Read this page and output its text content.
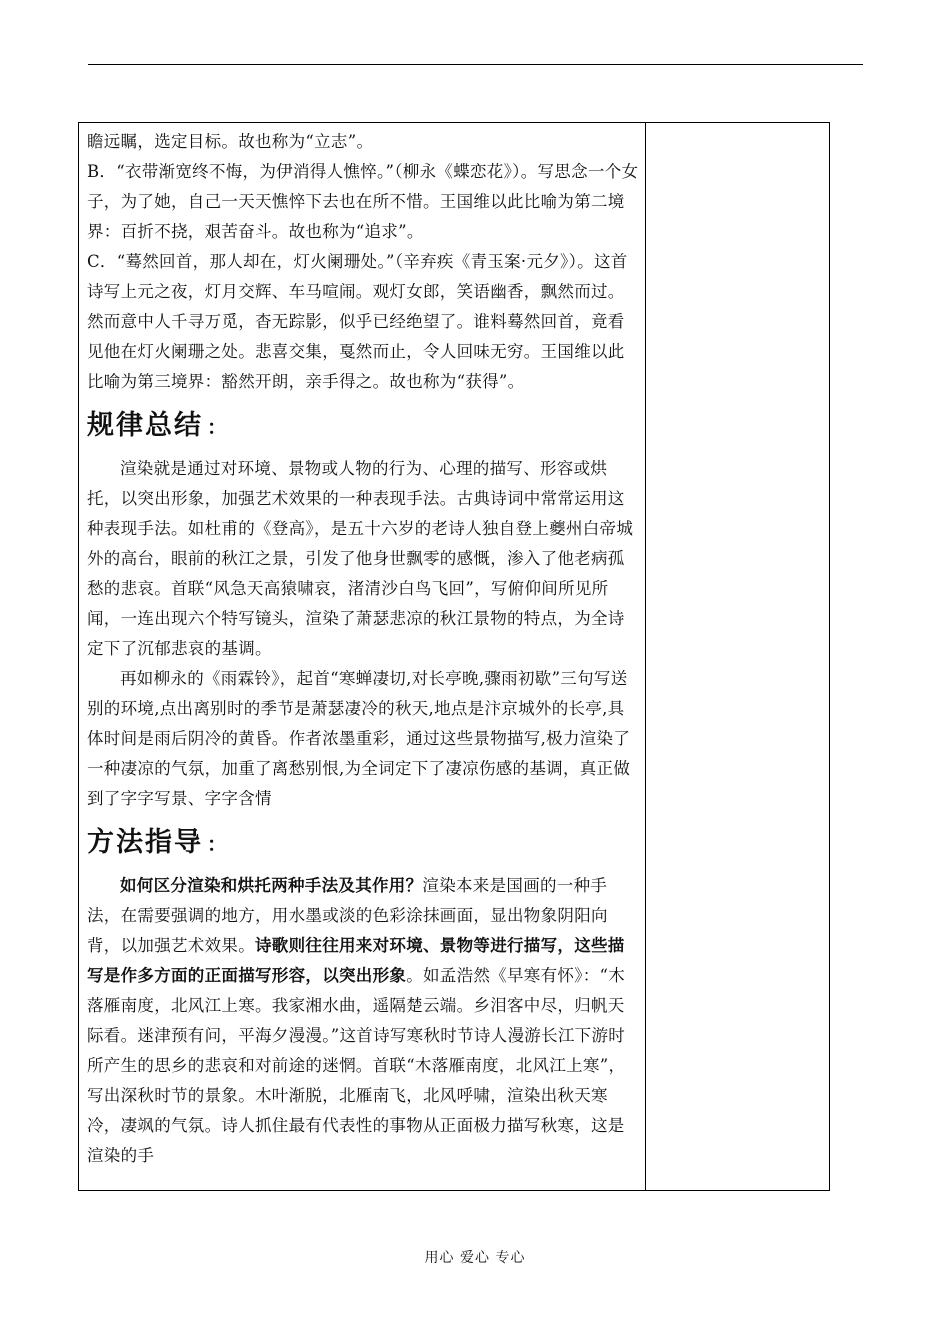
瞻远瞩，选定目标。故也称为“立志”。

B．“衣带渐宽终不悔，为伊消得人憔悴。”（柳永《蝶恋花》）。写思念一个女子，为了她，自己一天天憔悴下去也在所不惜。王国维以此比喻为第二境界：百折不挠，艰苦奋斗。故也称为“追求”。

C．“蓦然回首，那人却在，灯火阑珊处。”（辛弃疾《青玉案·元夕》）。这首诗写上元之夜，灯月交辉、车马喧闹。观灯女郎，笑语幽香，飘然而过。然而意中人千寻万觅，杳无踪影，似乎已经绝望了。谁料蓦然回首，竟看见他在灯火阑珊之处。悲喜交集，戛然而止，令人回味无穷。王国维以此比喻为第三境界：豁然开朗，亲手得之。故也称为“获得”。

规律总结 ：

渲染就是通过对环境、景物或人物的行为、心理的描写、形容或烘托，以突出形象，加强艺术效果的一种表现手法。古典诗词中常常运用这种表现手法。如杜甫的《登高》，是五十六岁的老诗人独自登上夔州白帝城外的高台，眼前的秋江之景，引发了他身世飘零的感慨，渗入了他老病孤愁的悲哀。首联“风急天高猿啸哀，渚清沙白鸟飞回”，写俯仰间所见所闻，一连出现六个特写镜头，渲染了萧瑟悲凉的秋江景物的特点，为全诗定下了沉郁悲哀的基调。

再如柳永的《雨霖铃》，起首“寒蝉凄切,对长亭晚,骤雨初歇”三句写送别的环境,点出离别时的季节是萧瑟凄冷的秋天,地点是汴京城外的长亭,具体时间是雨后阴冷的黄昏。作者浓墨重彩，通过这些景物描写,极力渲染了一种凄凉的气氛，加重了离愁别恨,为全词定下了凄凉伤感的基调，真正做到了字字写景、字字含情

方法指导 ：

如何区分渲染和烘托两种手法及其作用？渲染本来是国画的一种手法，在需要强调的地方，用水墨或淡的色彩涂抹画面，显出物象阴阳向背，以加强艺术效果。诗歌则往往用来对环境、景物等进行描写，这些描写是作多方面的正面描写形容，以突出形象。如孟浩然《早寒有怀》：“木落雁南度，北风江上寒。我家湘水曲，遥隔楚云端。乡泪客中尽，归帆天际看。迷津预有问，平海夕漫漫。”这首诗写寒秋时节诗人漫游长江下游时所产生的思乡的悲哀和对前途的迷惘。首联“木落雁南度，北风江上寒”，写出深秋时节的景象。木叶渐脱，北雁南飞，北风呼啸，渲染出秋天寒冷，凄飒的气氛。诗人抓住最有代表性的事物从正面极力描写秋寒，这是渲染的手

用心 爱心 专心
